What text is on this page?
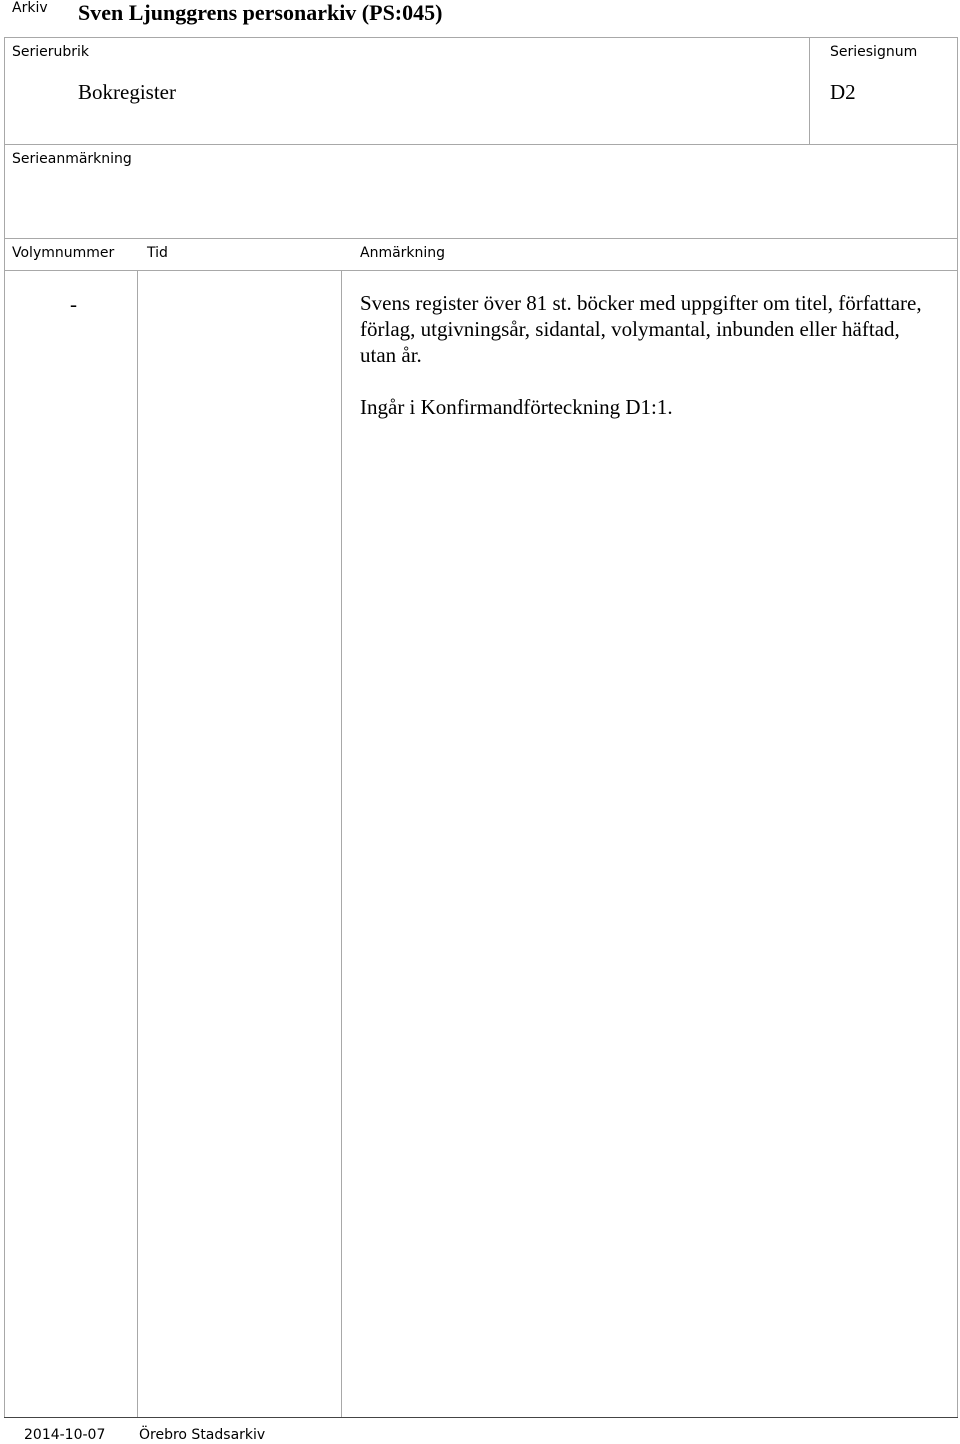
Arkiv Sven Ljunggrens personarkiv (PS:045)
Serierubrik
Bokregister
Seriesignum
D2
Serieanmärkning
Volymnummer Tid	Anmärkning
-	Svens register över 81 st. böcker med uppgifter om titel, författare, förlag, utgivningsår, sidantal, volymantal, inbunden eller häftad, utan år.

Ingår i Konfirmandförteckning D1:1.

2014-10-07 Örebro Stadsarkiv
